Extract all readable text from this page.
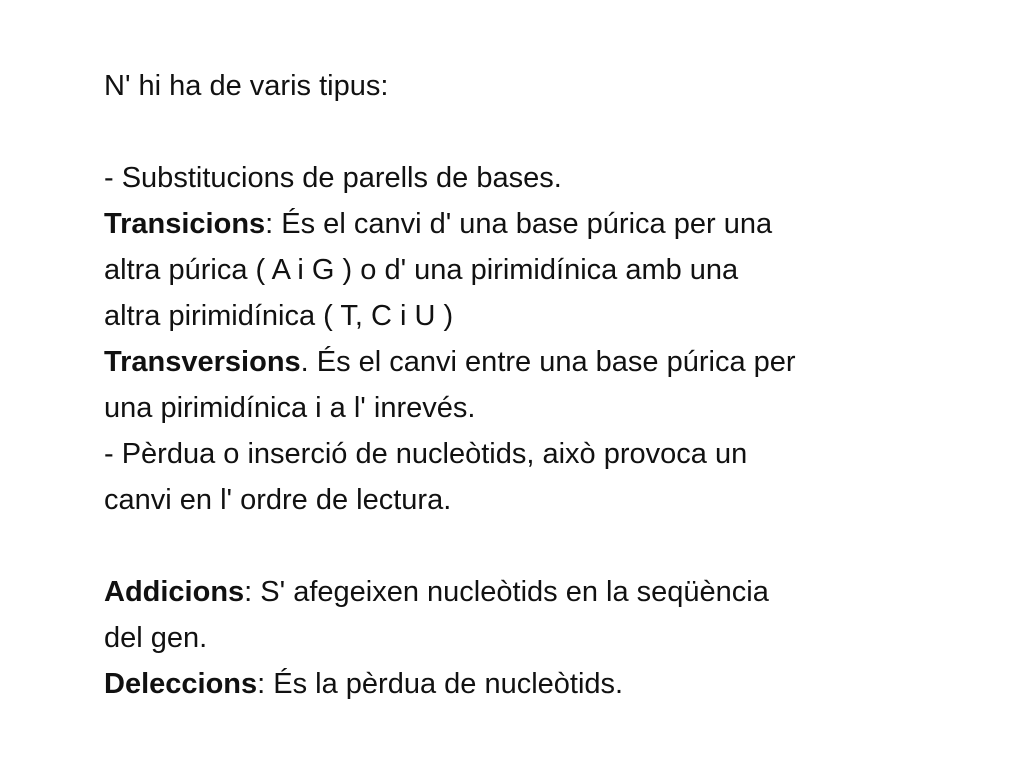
N' hi ha de varis tipus:
- Substitucions de parells de bases.
Transicions: És el canvi d' una base púrica per una
altra púrica ( A i G ) o d' una pirimidínica amb una
altra pirimidínica ( T, C i U )
Transversions. És el canvi entre una base púrica per
una pirimidínica i a l' inrevés.
- Pèrdua o inserció de nucleòtids, això provoca un
canvi en l' ordre de lectura.
Addicions: S' afegeixen nucleòtids en la seqüència
del gen.
Deleccions: És la pèrdua de nucleòtids.
